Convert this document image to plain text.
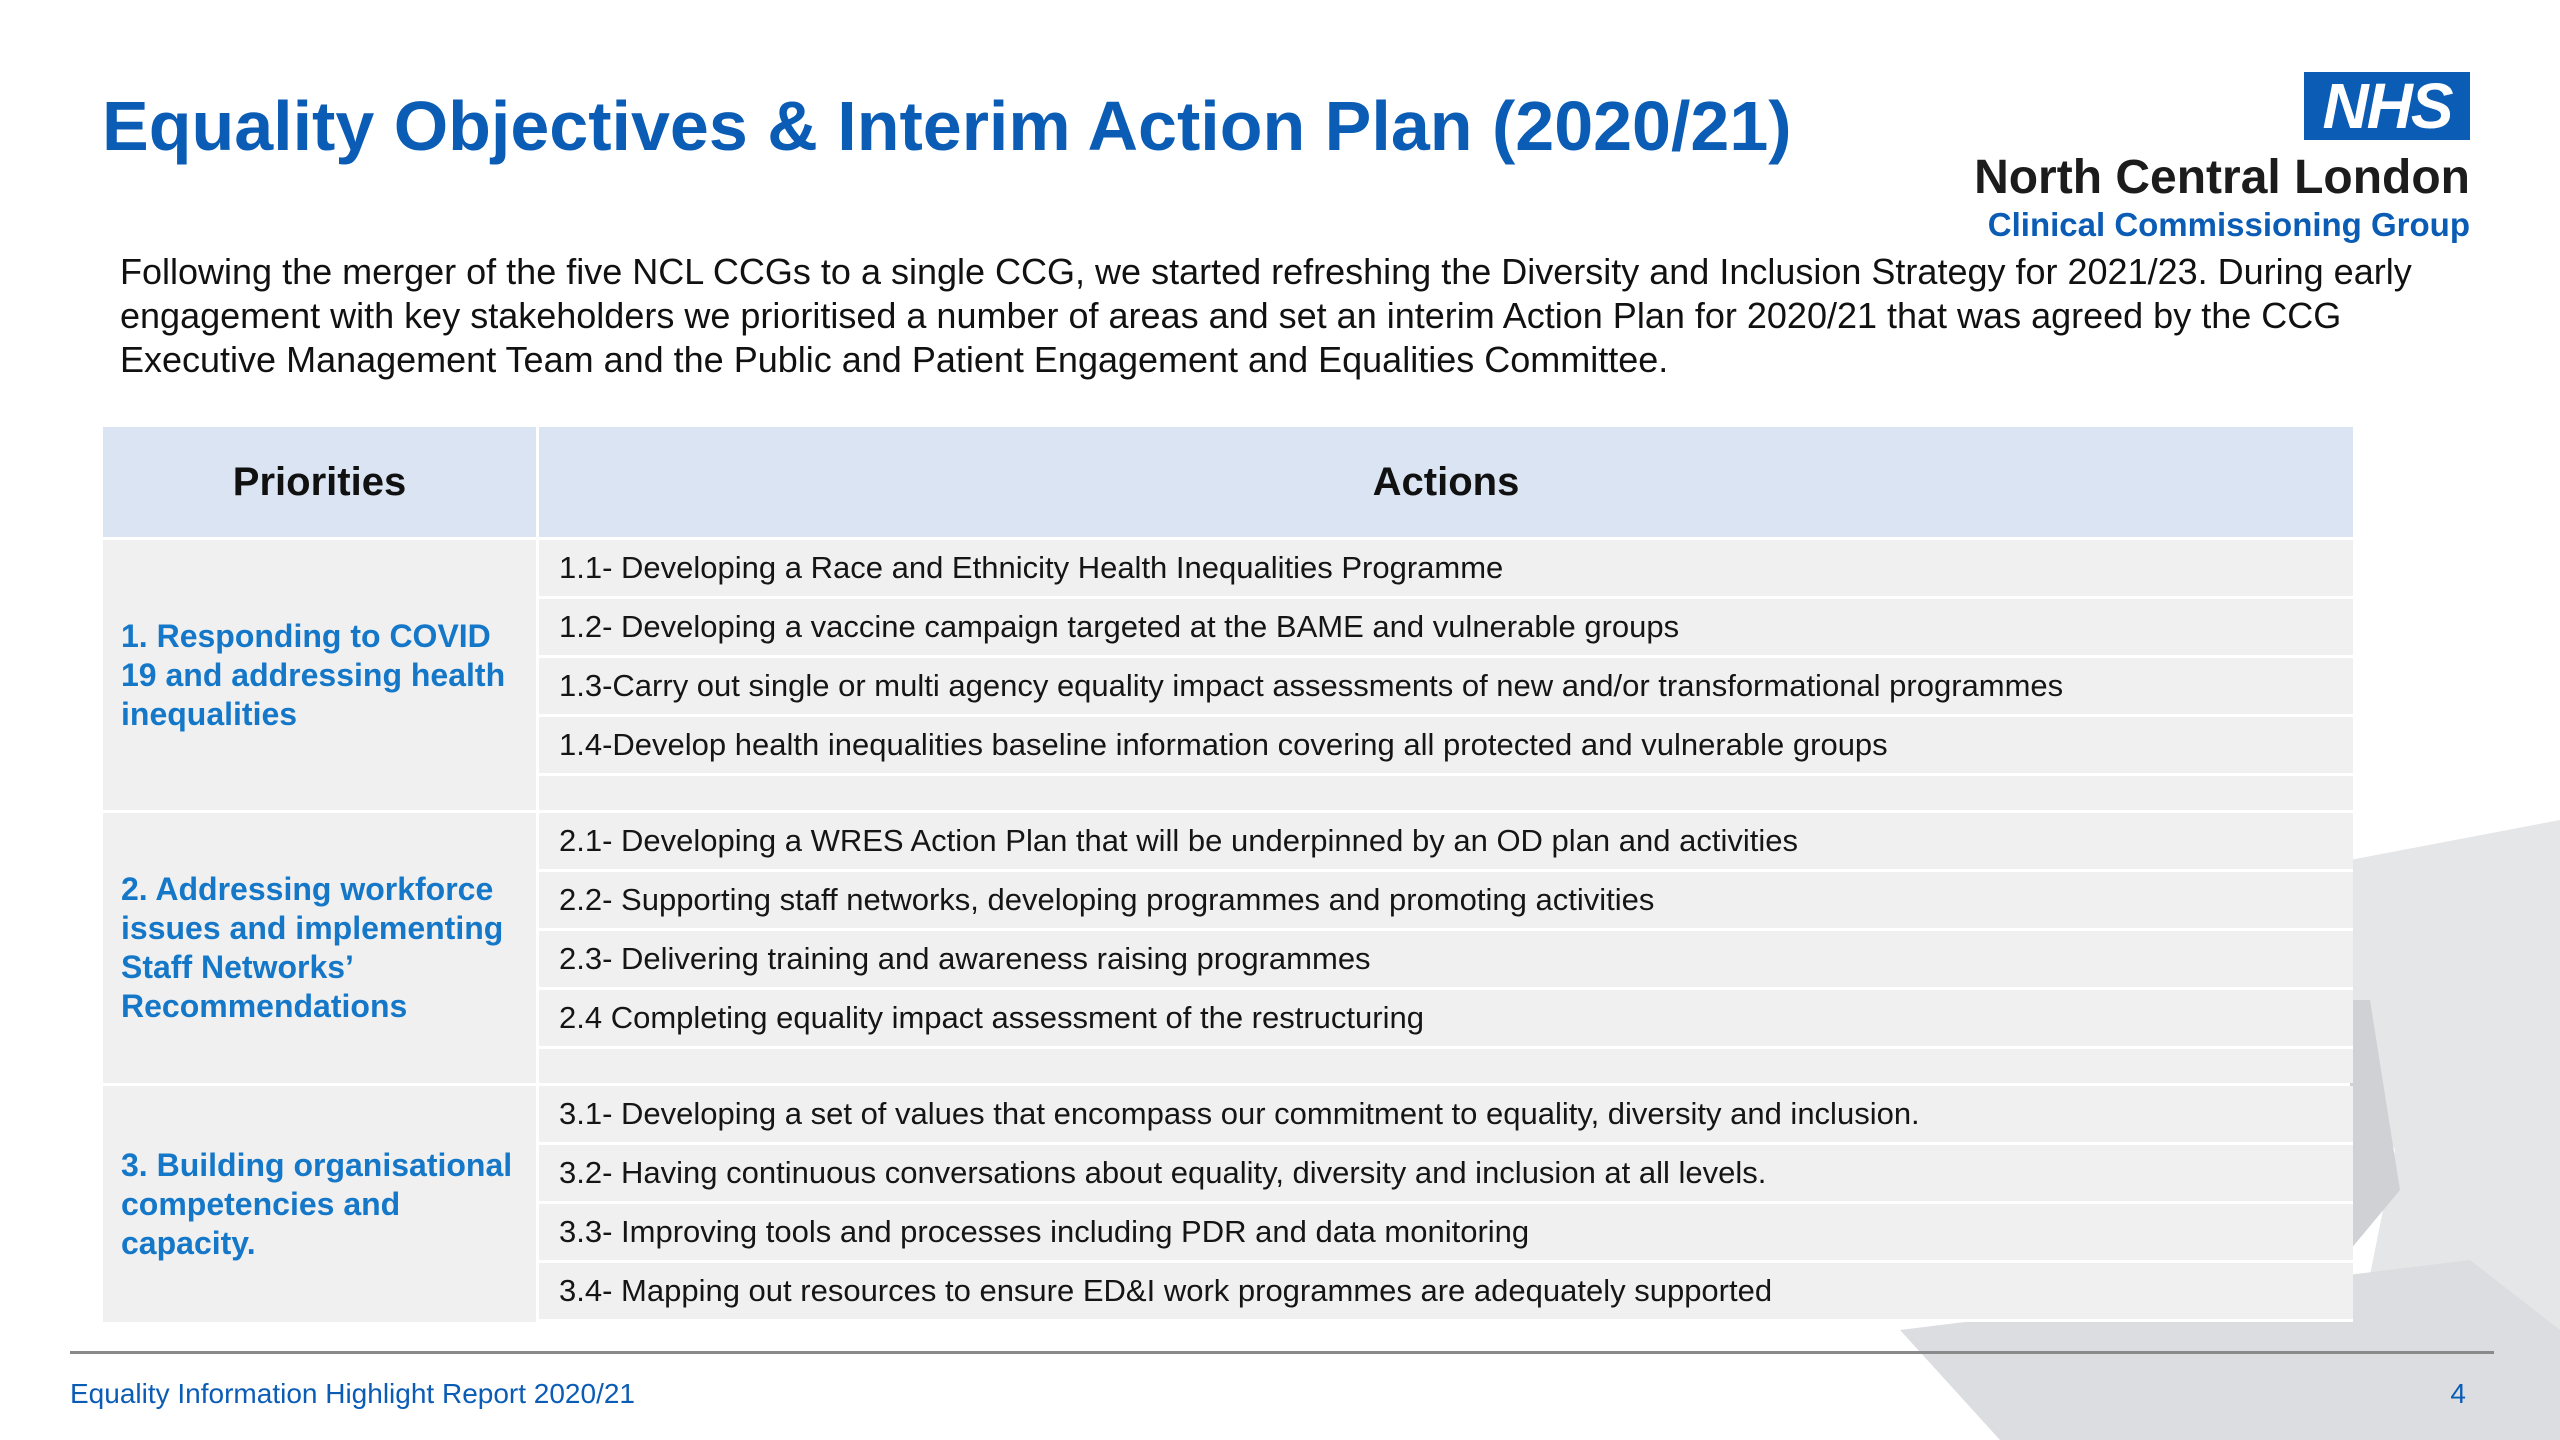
Equality Objectives & Interim Action Plan (2020/21)	NHS
North Central London
Clinical Commissioning Group

Following the merger of the five NCL CCGs to a single CCG, we started refreshing the Diversity and Inclusion Strategy for 2021/23. During early engagement with key stakeholders we prioritised a number of areas and set an interim Action Plan for 2020/21 that was agreed by the CCG Executive Management Team and the Public and Patient Engagement and Equalities Committee.

Priorities	Actions

1. Responding to COVID 19 and addressing health inequalities	1.1- Developing a Race and Ethnicity Health Inequalities Programme
1.2- Developing a vaccine campaign targeted at the BAME and vulnerable groups
1.3-Carry out single or multi agency equality impact assessments of new and/or transformational programmes
1.4-Develop health inequalities baseline information covering all protected and vulnerable groups

2. Addressing workforce issues and implementing Staff Networks’ Recommendations	2.1- Developing a WRES Action Plan that will be underpinned by an OD plan and activities
2.2- Supporting staff networks, developing programmes and promoting activities
2.3- Delivering training and awareness raising programmes
2.4 Completing equality impact assessment of the restructuring

3. Building organisational competencies and capacity.	3.1- Developing a set of values that encompass our commitment to equality, diversity and inclusion.
3.2- Having continuous conversations about equality, diversity and inclusion at all levels.
3.3- Improving tools and processes including PDR and data monitoring
3.4- Mapping out resources to ensure ED&I work programmes are adequately supported
Equality Information Highlight Report 2020/21	4
